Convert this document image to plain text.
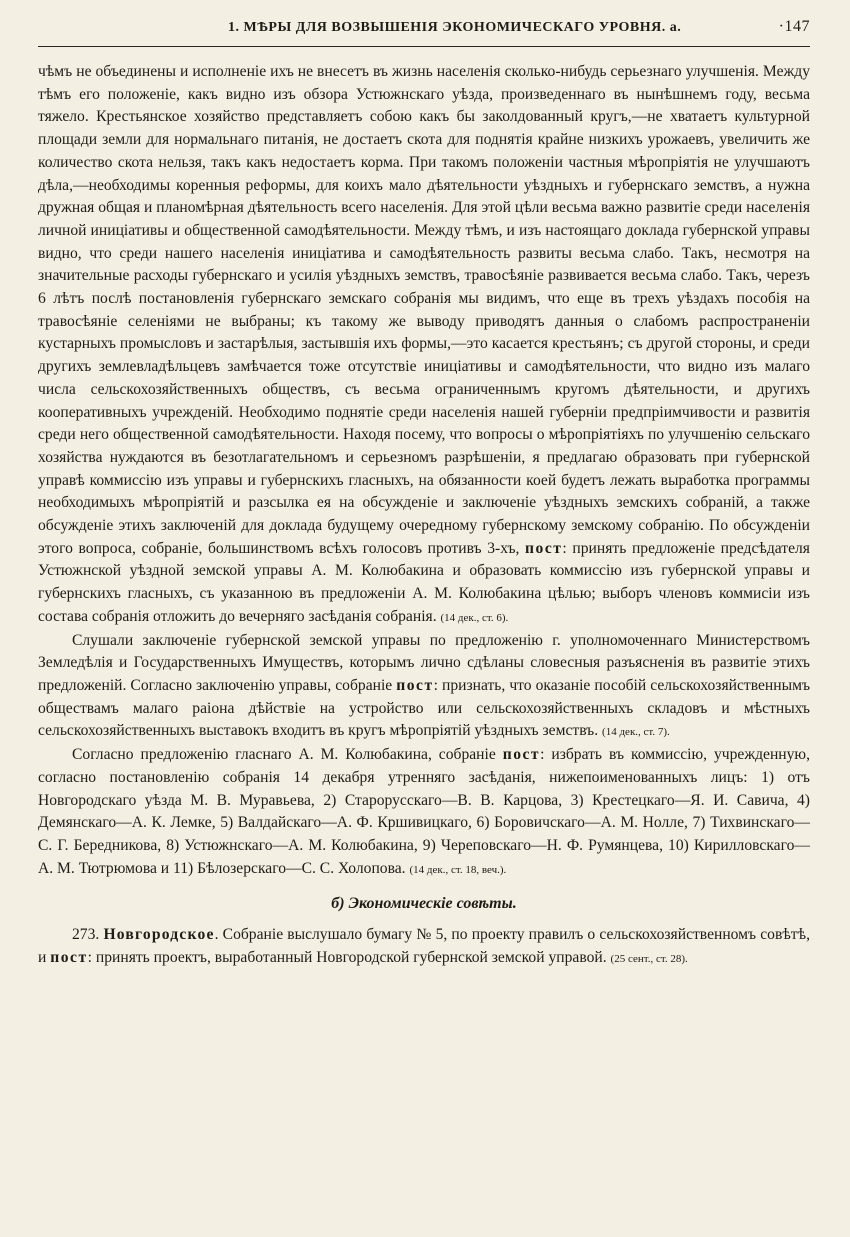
1. МѢРЫ ДЛЯ ВОЗВЫШЕНІЯ ЭКОНОМИЧЕСКАГО УРОВНЯ. а.	·147

чѣмъ не объединены и исполненіе ихъ не внесетъ въ жизнь населенія сколько-нибудь серьезнаго улучшенія. Между тѣмъ его положеніе, какъ видно изъ обзора Устюжнскаго уѣзда, произведеннаго въ нынѣшнемъ году, весьма тяжело. Крестьянское хозяйство представляетъ собою какъ бы заколдованный кругъ,—не хватаетъ культурной площади земли для нормальнаго питанія, не достаетъ скота для поднятія крайне низкихъ урожаевъ, увеличить же количество скота нельзя, такъ какъ недостаетъ корма. При такомъ положеніи частныя мѣропріятія не улучшаютъ дѣла,—необходимы коренныя реформы, для коихъ мало дѣятельности уѣздныхъ и губернскаго земствъ, а нужна дружная общая и планомѣрная дѣятельность всего населенія. Для этой цѣли весьма важно развитіе среди населенія личной иниціативы и общественной самодѣятельности. Между тѣмъ, и изъ настоящаго доклада губернской управы видно, что среди нашего населенія иниціатива и самодѣятельность развиты весьма слабо. Такъ, несмотря на значительные расходы губернскаго и усилія уѣздныхъ земствъ, травосѣяніе развивается весьма слабо. Такъ, черезъ 6 лѣтъ послѣ постановленія губернскаго земскаго собранія мы видимъ, что еще въ трехъ уѣздахъ пособія на травосѣяніе селеніями не выбраны; къ такому же выводу приводятъ данныя о слабомъ распространеніи кустарныхъ промысловъ и застарѣлыя, застывшія ихъ формы,—это касается крестьянъ; съ другой стороны, и среди другихъ землевладѣльцевъ замѣчается тоже отсутствіе иниціативы и самодѣятельности, что видно изъ малаго числа сельскохозяйственныхъ обществъ, съ весьма ограниченнымъ кругомъ дѣятельности, и другихъ кооперативныхъ учрежденій. Необходимо поднятіе среди населенія нашей губерніи предпріимчивости и развитія среди него общественной самодѣятельности. Находя посему, что вопросы о мѣропріятіяхъ по улучшенію сельскаго хозяйства нуждаются въ безотлагательномъ и серьезномъ разрѣшеніи, я предлагаю образовать при губернской управѣ коммиссію изъ управы и губернскихъ гласныхъ, на обязанности коей будетъ лежать выработка программы необходимыхъ мѣропріятій и разсылка ея на обсужденіе и заключеніе уѣздныхъ земскихъ собраній, а также обсужденіе этихъ заключеній для доклада будущему очередному губернскому земскому собранію. По обсужденіи этого вопроса, собраніе, большинствомъ всѣхъ голосовъ противъ 3-хъ, пост: принять предложеніе предсѣдателя Устюжнской уѣздной земской управы А. М. Колюбакина и образовать коммиссію изъ губернской управы и губернскихъ гласныхъ, съ указанною въ предложеніи А. М. Колюбакина цѣлью; выборъ членовъ коммисіи изъ состава собранія отложить до вечерняго засѣданія собранія. (14 дек., ст. 6).

Слушали заключеніе губернской земской управы по предложенію г. уполномоченнаго Министерствомъ Земледѣлія и Государственныхъ Имуществъ, которымъ лично сдѣланы словесныя разъясненія въ развитіе этихъ предложеній. Согласно заключенію управы, собраніе пост: признать, что оказаніе пособій сельскохозяйственнымъ обществамъ малаго раіона дѣйствіе на устройство или сельскохозяйственныхъ складовъ и мѣстныхъ сельскохозяйственныхъ выставокъ входитъ въ кругъ мѣропріятій уѣздныхъ земствъ. (14 дек., ст. 7).

Согласно предложенію гласнаго А. М. Колюбакина, собраніе пост: избрать въ коммиссію, учрежденную, согласно постановленію собранія 14 декабря утренняго засѣданія, нижепоименованныхъ лицъ: 1) отъ Новгородскаго уѣзда М. В. Муравьева, 2) Старорусскаго—В. В. Карцова, 3) Крестецкаго—Я. И. Савича, 4) Демянскаго—А. К. Лемке, 5) Валдайскаго—А. Ф. Кршивицкаго, 6) Боровичскаго—А. М. Нолле, 7) Тихвинскаго—С. Г. Бередникова, 8) Устюжнскаго—А. М. Колюбакина, 9) Череповскаго—Н. Ф. Румянцева, 10) Кирилловскаго—А. М. Тютрюмова и 11) Бѣлозерскаго—С. С. Холопова. (14 дек., ст. 18, веч.).

б) Экономическіе совѣты.

273. Новгородское. Собраніе выслушало бумагу № 5, по проекту правилъ о сельскохозяйственномъ совѣтѣ, и пост: принять проектъ, выработанный Новгородской губернской земской управой. (25 сент., ст. 28).
